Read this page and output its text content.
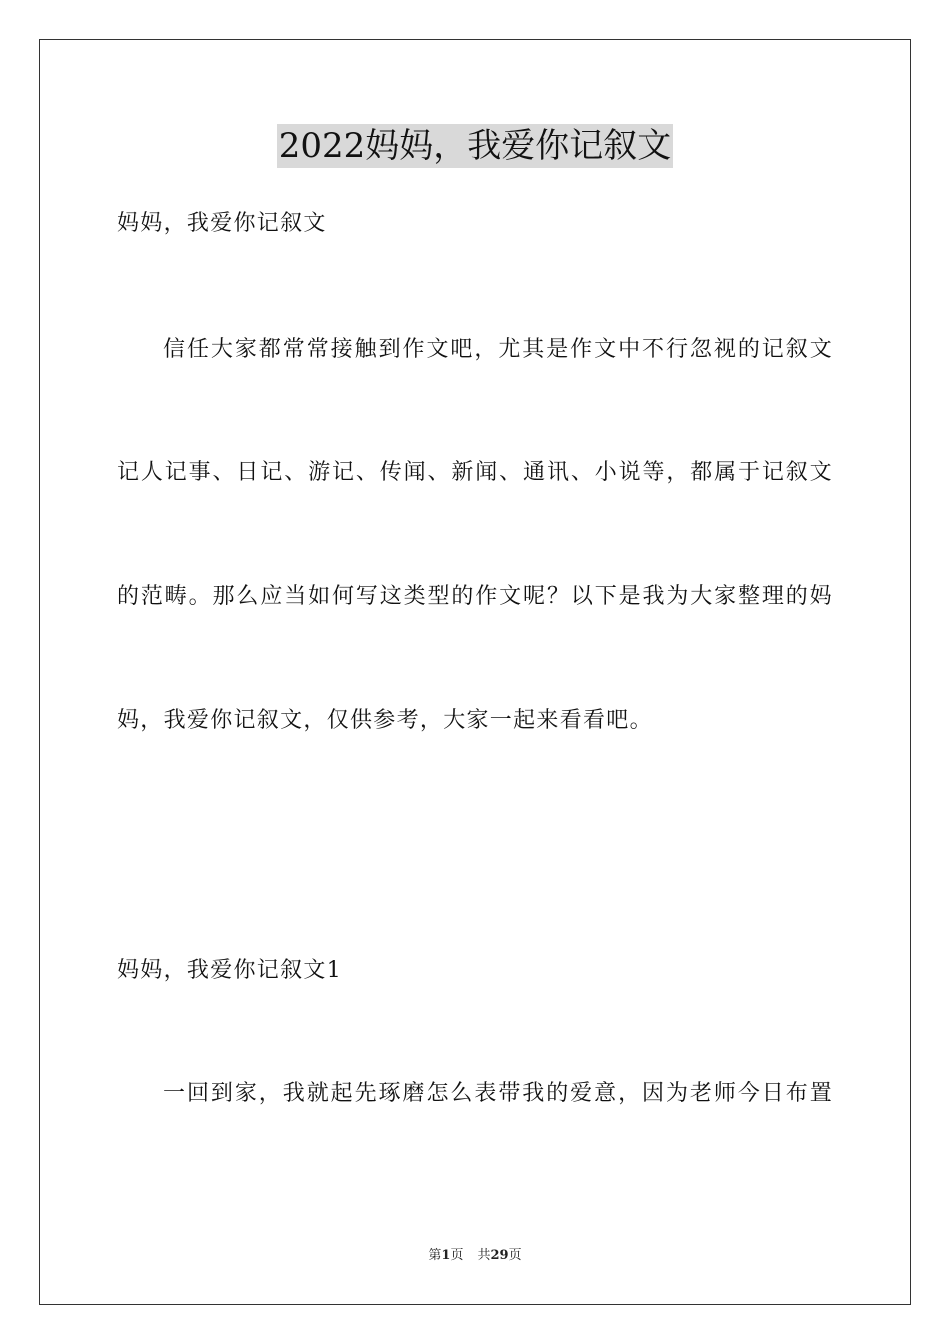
2022妈妈，我爱你记叙文
妈妈，我爱你记叙文
信任大家都常常接触到作文吧，尤其是作文中不行忽视的记叙文
记人记事、日记、游记、传闻、新闻、通讯、小说等，都属于记叙文
的范畴。那么应当如何写这类型的作文呢？以下是我为大家整理的妈
妈，我爱你记叙文，仅供参考，大家一起来看看吧。
妈妈，我爱你记叙文1
一回到家，我就起先琢磨怎么表带我的爱意，因为老师今日布置
第1页 共29页
